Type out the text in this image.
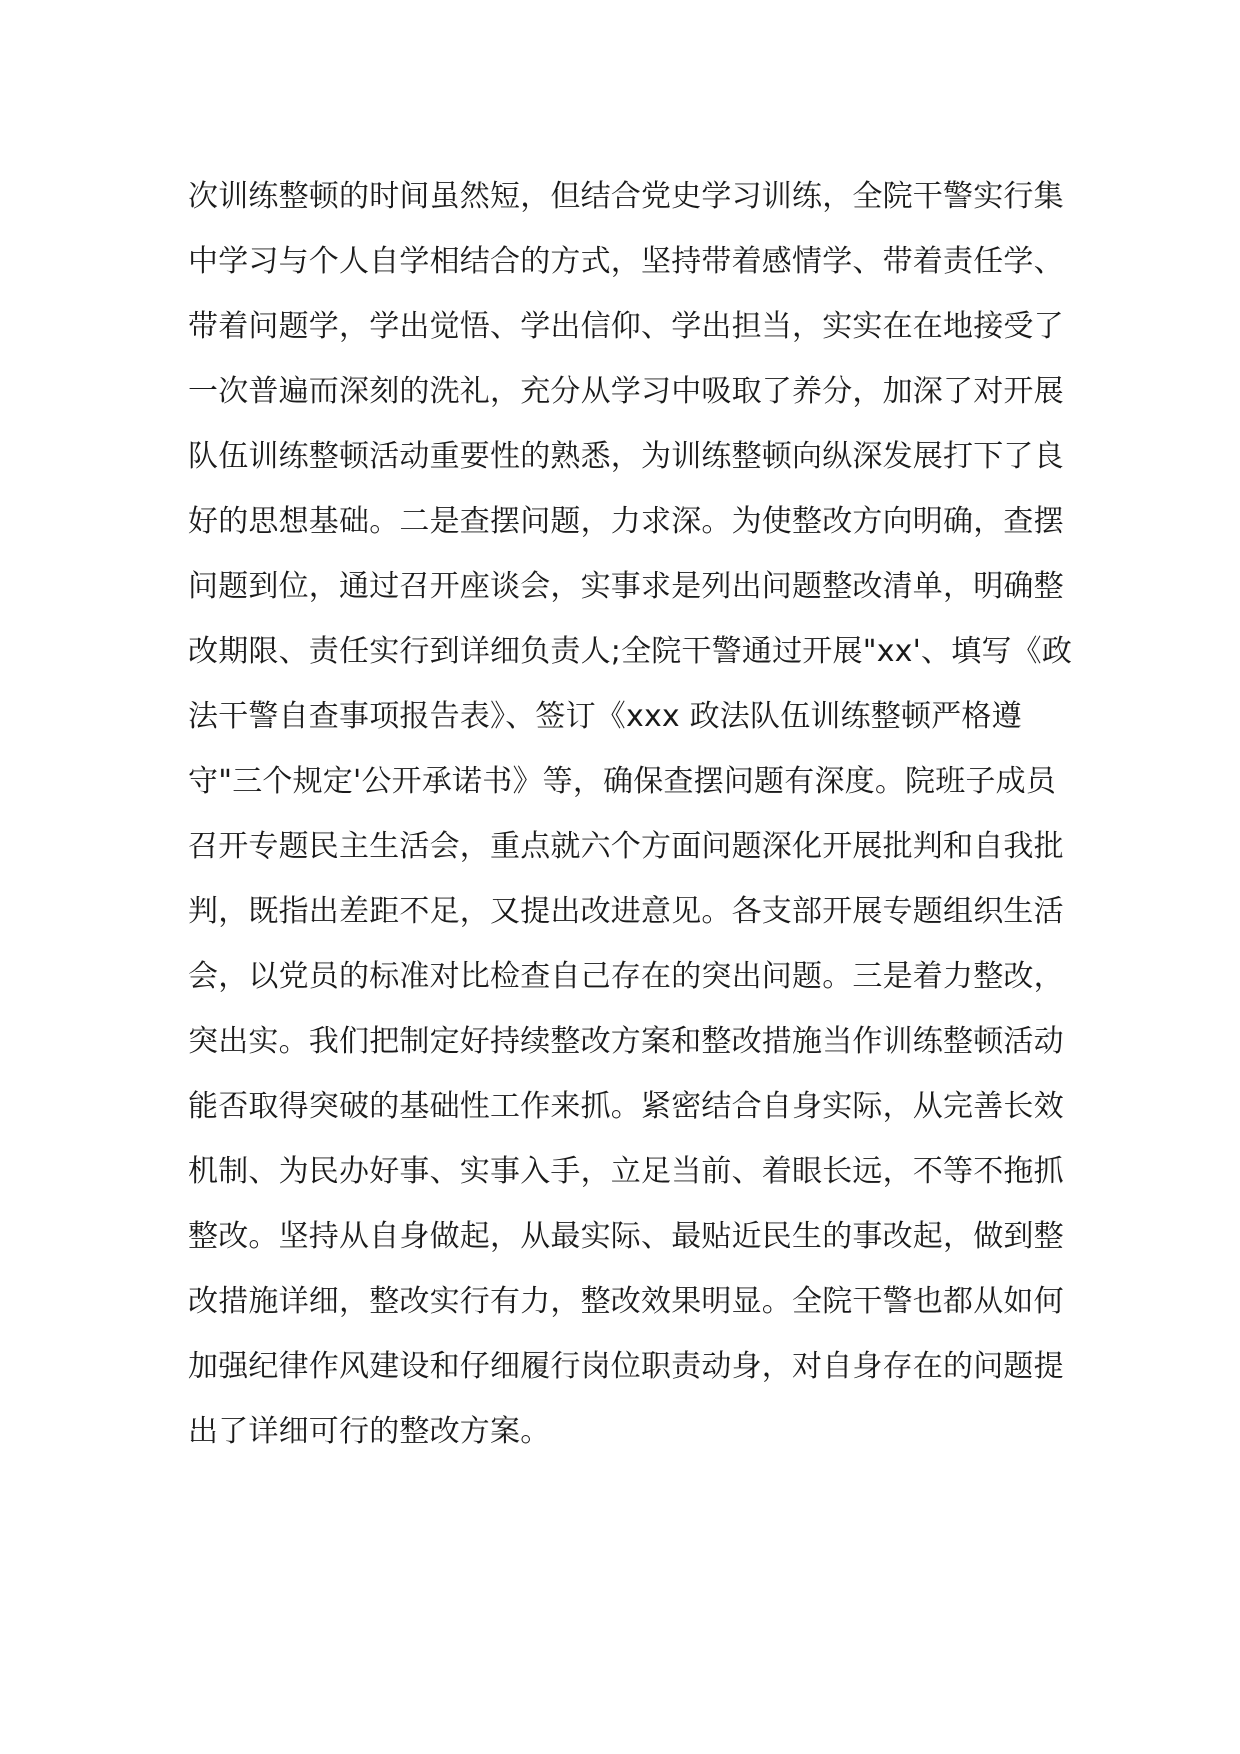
次训练整顿的时间虽然短，但结合党史学习训练，全院干警实行集
中学习与个人自学相结合的方式，坚持带着感情学、带着责任学、
带着问题学，学出觉悟、学出信仰、学出担当，实实在在地接受了
一次普遍而深刻的洗礼，充分从学习中吸取了养分，加深了对开展
队伍训练整顿活动重要性的熟悉，为训练整顿向纵深发展打下了良
好的思想基础。二是查摆问题，力求深。为使整改方向明确，查摆
问题到位，通过召开座谈会，实事求是列出问题整改清单，明确整
改期限、责任实行到详细负责人;全院干警通过开展"xx'、填写《政
法干警自查事项报告表》、签订《xxx 政法队伍训练整顿严格遵
守"三个规定'公开承诺书》等，确保查摆问题有深度。院班子成员
召开专题民主生活会，重点就六个方面问题深化开展批判和自我批
判，既指出差距不足，又提出改进意见。各支部开展专题组织生活
会，以党员的标准对比检查自己存在的突出问题。三是着力整改，
突出实。我们把制定好持续整改方案和整改措施当作训练整顿活动
能否取得突破的基础性工作来抓。紧密结合自身实际，从完善长效
机制、为民办好事、实事入手，立足当前、着眼长远，不等不拖抓
整改。坚持从自身做起，从最实际、最贴近民生的事改起，做到整
改措施详细，整改实行有力，整改效果明显。全院干警也都从如何
加强纪律作风建设和仔细履行岗位职责动身，对自身存在的问题提
出了详细可行的整改方案。
